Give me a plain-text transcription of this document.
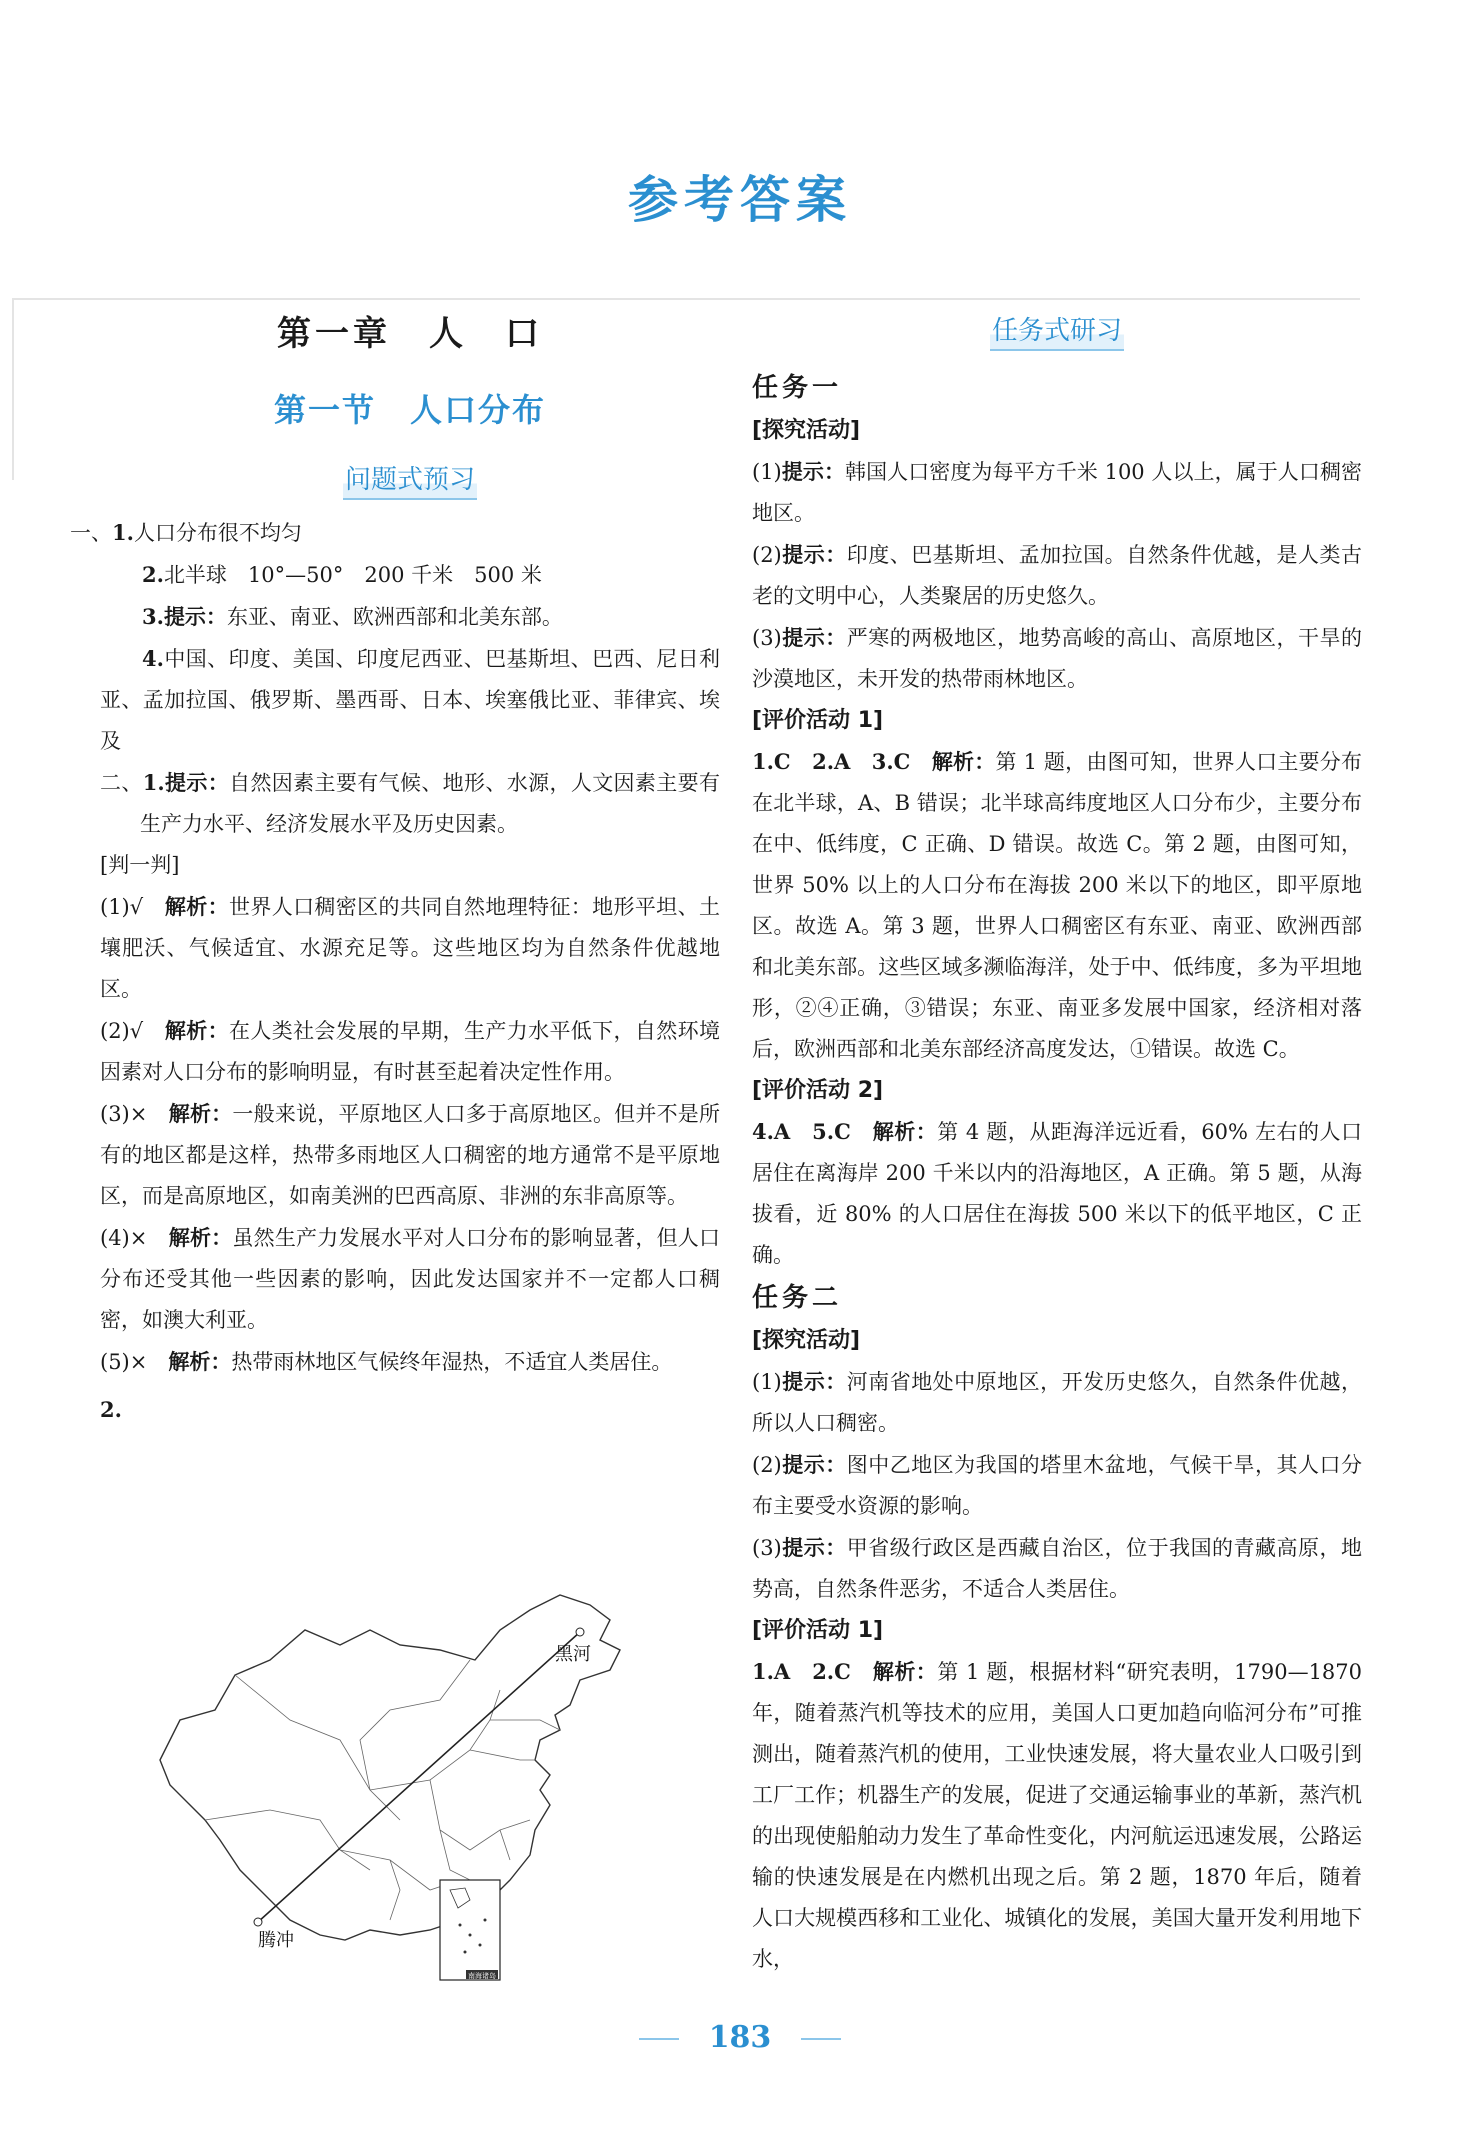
参考答案
第一章　人　口
第一节　人口分布
问题式预习

一、1.人口分布很不均匀

2.北半球　10°—50°　200 千米　500 米

3.提示：东亚、南亚、欧洲西部和北美东部。

4.中国、印度、美国、印度尼西亚、巴基斯坦、巴西、尼日利亚、孟加拉国、俄罗斯、墨西哥、日本、埃塞俄比亚、菲律宾、埃及

二、1.提示：自然因素主要有气候、地形、水源，人文因素主要有生产力水平、经济发展水平及历史因素。

[判一判]

(1)√　解析：世界人口稠密区的共同自然地理特征：地形平坦、土壤肥沃、气候适宜、水源充足等。这些地区均为自然条件优越地区。

(2)√　解析：在人类社会发展的早期，生产力水平低下，自然环境因素对人口分布的影响明显，有时甚至起着决定性作用。

(3)×　解析：一般来说，平原地区人口多于高原地区。但并不是所有的地区都是这样，热带多雨地区人口稠密的地方通常不是平原地区，而是高原地区，如南美洲的巴西高原、非洲的东非高原等。

(4)×　解析：虽然生产力发展水平对人口分布的影响显著，但人口分布还受其他一些因素的影响，因此发达国家并不一定都人口稠密，如澳大利亚。

(5)×　解析：热带雨林地区气候终年湿热，不适宜人类居住。

2.

黑河
腾冲
南海诸岛
任务式研习

任务一

[探究活动]

(1)提示：韩国人口密度为每平方千米 100 人以上，属于人口稠密地区。

(2)提示：印度、巴基斯坦、孟加拉国。自然条件优越，是人类古老的文明中心，人类聚居的历史悠久。

(3)提示：严寒的两极地区，地势高峻的高山、高原地区，干旱的沙漠地区，未开发的热带雨林地区。

[评价活动 1]

1.C　2.A　3.C　解析：第 1 题，由图可知，世界人口主要分布在北半球，A、B 错误；北半球高纬度地区人口分布少，主要分布在中、低纬度，C 正确、D 错误。故选 C。第 2 题，由图可知，世界 50% 以上的人口分布在海拔 200 米以下的地区，即平原地区。故选 A。第 3 题，世界人口稠密区有东亚、南亚、欧洲西部和北美东部。这些区域多濒临海洋，处于中、低纬度，多为平坦地形，②④正确，③错误；东亚、南亚多发展中国家，经济相对落后，欧洲西部和北美东部经济高度发达，①错误。故选 C。

[评价活动 2]

4.A　5.C　解析：第 4 题，从距海洋远近看，60% 左右的人口居住在离海岸 200 千米以内的沿海地区，A 正确。第 5 题，从海拔看，近 80% 的人口居住在海拔 500 米以下的低平地区，C 正确。

任务二

[探究活动]

(1)提示：河南省地处中原地区，开发历史悠久，自然条件优越，所以人口稠密。

(2)提示：图中乙地区为我国的塔里木盆地，气候干旱，其人口分布主要受水资源的影响。

(3)提示：甲省级行政区是西藏自治区，位于我国的青藏高原，地势高，自然条件恶劣，不适合人类居住。

[评价活动 1]

1.A　2.C　解析：第 1 题，根据材料“研究表明，1790—1870 年，随着蒸汽机等技术的应用，美国人口更加趋向临河分布”可推测出，随着蒸汽机的使用，工业快速发展，将大量农业人口吸引到工厂工作；机器生产的发展，促进了交通运输事业的革新，蒸汽机的出现使船舶动力发生了革命性变化，内河航运迅速发展，公路运输的快速发展是在内燃机出现之后。第 2 题，1870 年后，随着人口大规模西移和工业化、城镇化的发展，美国大量开发利用地下水，

183
